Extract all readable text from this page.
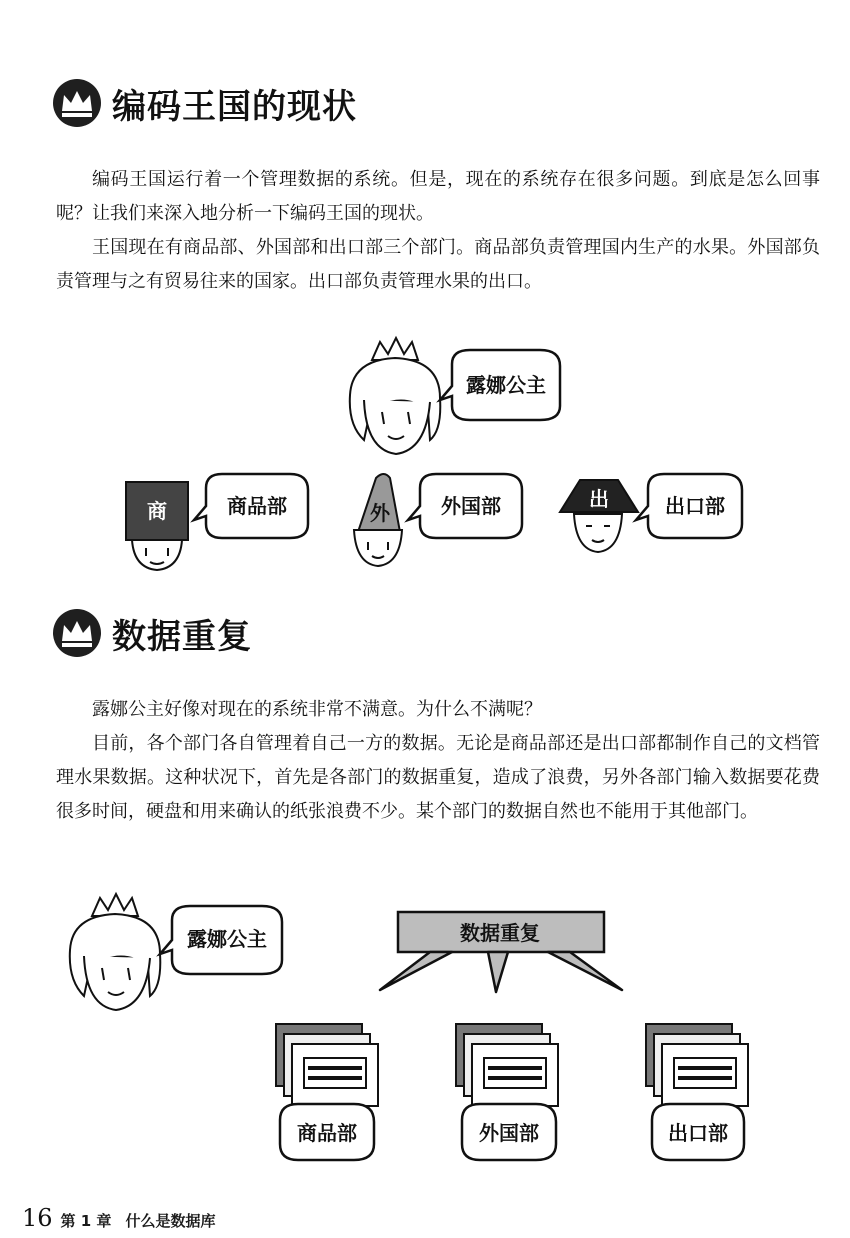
编码王国的现状

编码王国运行着一个管理数据的系统。但是，现在的系统存在很多问题。到底是怎么回事呢？让我们来深入地分析一下编码王国的现状。

王国现在有商品部、外国部和出口部三个部门。商品部负责管理国内生产的水果。外国部负责管理与之有贸易往来的国家。出口部负责管理水果的出口。

露娜公主
商	商品部	外	外国部	出	出口部
数据重复

露娜公主好像对现在的系统非常不满意。为什么不满呢？

目前，各个部门各自管理着自己一方的数据。无论是商品部还是出口部都制作自己的文档管理水果数据。这种状况下，首先是各部门的数据重复，造成了浪费，另外各部门输入数据要花费很多时间，硬盘和用来确认的纸张浪费不少。某个部门的数据自然也不能用于其他部门。

露娜公主	数据重复
商品部	外国部	出口部
16 第 1 章 什么是数据库
